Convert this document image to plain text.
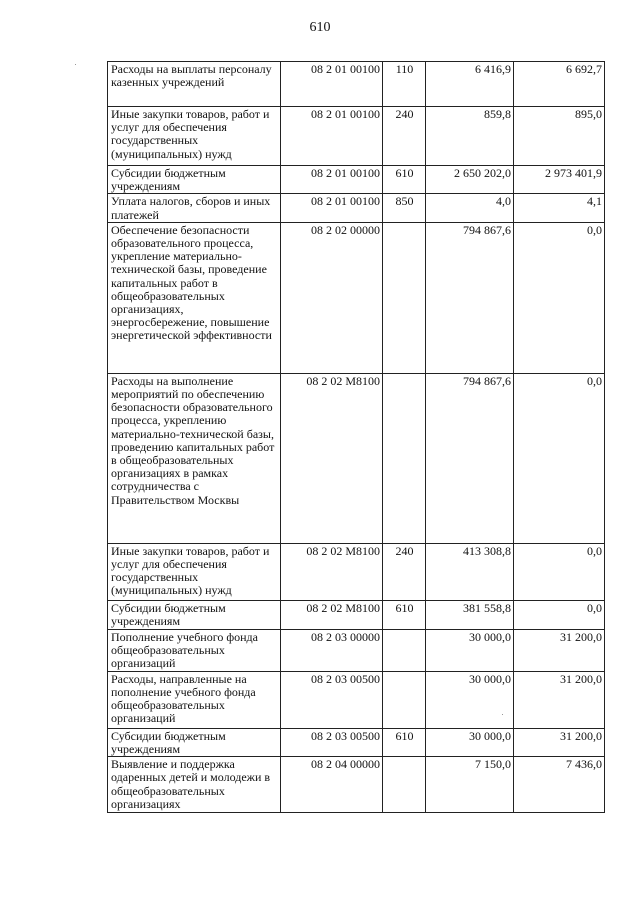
610
Расходы на выплаты персоналу казенных учреждений	08 2 01 00100	110	6 416,9	6 692,7
Иные закупки товаров, работ и услуг для обеспечения государственных (муниципальных) нужд	08 2 01 00100	240	859,8	895,0
Субсидии бюджетным учреждениям	08 2 01 00100	610	2 650 202,0	2 973 401,9
Уплата налогов, сборов и иных платежей	08 2 01 00100	850	4,0	4,1
Обеспечение безопасности образовательного процесса, укрепление материально-технической базы, проведение капитальных работ в общеобразовательных организациях, энергосбережение, повышение энергетической эффективности	08 2 02 00000		794 867,6	0,0
Расходы на выполнение мероприятий по обеспечению безопасности образовательного процесса, укреплению материально-технической базы, проведению капитальных работ в общеобразовательных организациях в рамках сотрудничества с Правительством Москвы	08 2 02 M8100		794 867,6	0,0
Иные закупки товаров, работ и услуг для обеспечения государственных (муниципальных) нужд	08 2 02 M8100	240	413 308,8	0,0
Субсидии бюджетным учреждениям	08 2 02 M8100	610	381 558,8	0,0
Пополнение учебного фонда общеобразовательных организаций	08 2 03 00000		30 000,0	31 200,0
Расходы, направленные на пополнение учебного фонда общеобразовательных организаций	08 2 03 00500		30 000,0	31 200,0
Субсидии бюджетным учреждениям	08 2 03 00500	610	30 000,0	31 200,0
Выявление и поддержка одаренных детей и молодежи в общеобразовательных организациях	08 2 04 00000		7 150,0	7 436,0
